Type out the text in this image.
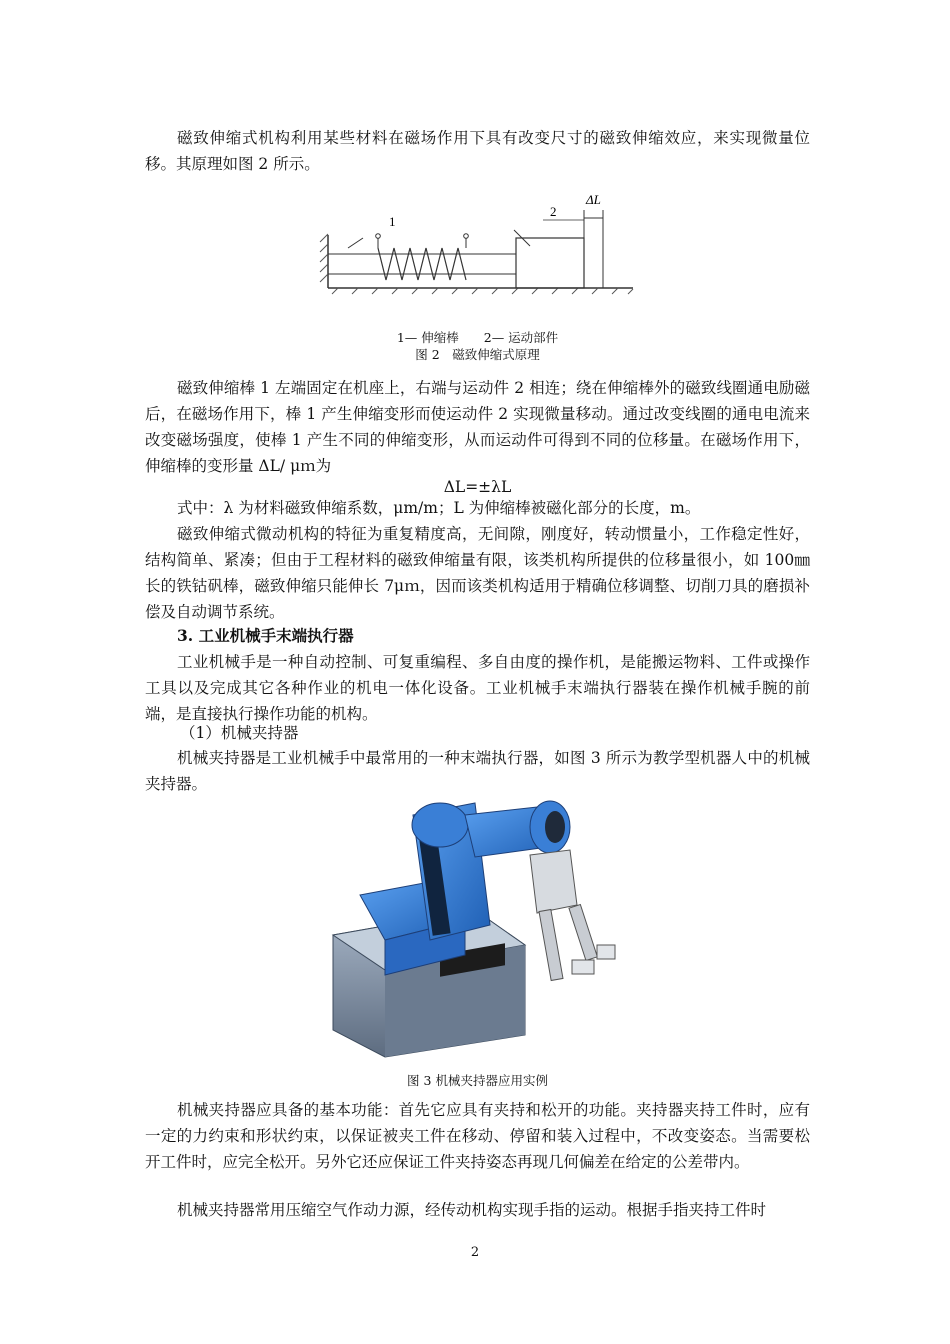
磁致伸缩式机构利用某些材料在磁场作用下具有改变尺寸的磁致伸缩效应，来实现微量位移。其原理如图 2 所示。

1
2
ΔL
1— 伸缩棒　　2— 运动部件
图 2　磁致伸缩式原理

磁致伸缩棒 1 左端固定在机座上，右端与运动件 2 相连；绕在伸缩棒外的磁致线圈通电励磁后，在磁场作用下，棒 1 产生伸缩变形而使运动件 2 实现微量移动。通过改变线圈的通电电流来改变磁场强度，使棒 1 产生不同的伸缩变形，从而运动件可得到不同的位移量。在磁场作用下，伸缩棒的变形量 ΔL/ μｍ为

ΔL=±λL

式中：λ 为材料磁致伸缩系数，μm/m；L 为伸缩棒被磁化部分的长度，m。

磁致伸缩式微动机构的特征为重复精度高，无间隙，刚度好，转动惯量小，工作稳定性好，结构简单、紧凑；但由于工程材料的磁致伸缩量有限，该类机构所提供的位移量很小，如 100㎜长的铁钴矾棒，磁致伸缩只能伸长 7μｍ，因而该类机构适用于精确位移调整、切削刀具的磨损补偿及自动调节系统。

3. 工业机械手末端执行器

工业机械手是一种自动控制、可复重编程、多自由度的操作机，是能搬运物料、工件或操作工具以及完成其它各种作业的机电一体化设备。工业机械手末端执行器装在操作机械手腕的前端，是直接执行操作功能的机构。

（1）机械夹持器

机械夹持器是工业机械手中最常用的一种末端执行器，如图 3 所示为教学型机器人中的机械夹持器。

图 3 机械夹持器应用实例

机械夹持器应具备的基本功能：首先它应具有夹持和松开的功能。夹持器夹持工件时，应有一定的力约束和形状约束，以保证被夹工件在移动、停留和装入过程中，不改变姿态。当需要松开工件时，应完全松开。另外它还应保证工件夹持姿态再现几何偏差在给定的公差带内。

机械夹持器常用压缩空气作动力源，经传动机构实现手指的运动。根据手指夹持工件时

2
